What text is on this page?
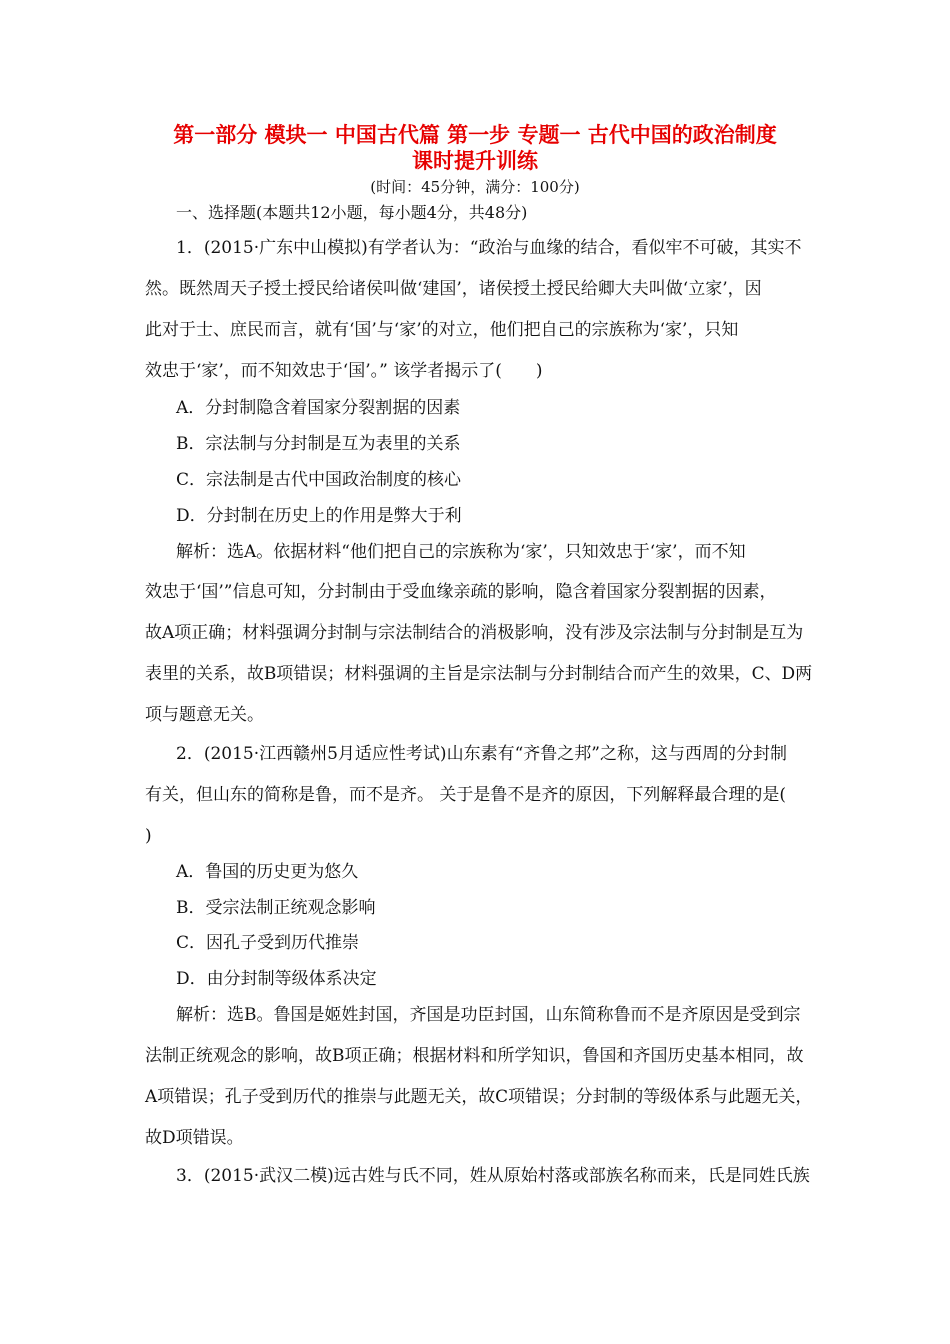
第一部分 模块一 中国古代篇 第一步 专题一 古代中国的政治制度
课时提升训练
(时间：45分钟，满分：100分)
一、选择题(本题共12小题，每小题4分，共48分)
1．(2015·广东中山模拟)有学者认为：“政治与血缘的结合，看似牢不可破，其实不
然。既然周天子授土授民给诸侯叫做‘建国’，诸侯授土授民给卿大夫叫做‘立家’，因
此对于士、庶民而言，就有‘国’与‘家’的对立，他们把自己的宗族称为‘家’，只知
效忠于‘家’，而不知效忠于‘国’。” 该学者揭示了(　　)
A．分封制隐含着国家分裂割据的因素
B．宗法制与分封制是互为表里的关系
C．宗法制是古代中国政治制度的核心
D．分封制在历史上的作用是弊大于利
解析：选A。依据材料“他们把自己的宗族称为‘家’，只知效忠于‘家’，而不知
效忠于‘国’”信息可知，分封制由于受血缘亲疏的影响，隐含着国家分裂割据的因素，
故A项正确；材料强调分封制与宗法制结合的消极影响，没有涉及宗法制与分封制是互为
表里的关系，故B项错误；材料强调的主旨是宗法制与分封制结合而产生的效果，C、D两
项与题意无关。
2．(2015·江西赣州5月适应性考试)山东素有“齐鲁之邦”之称，这与西周的分封制
有关，但山东的简称是鲁，而不是齐。 关于是鲁不是齐的原因，下列解释最合理的是(
)
A．鲁国的历史更为悠久
B．受宗法制正统观念影响
C．因孔子受到历代推崇
D．由分封制等级体系决定
解析：选B。鲁国是姬姓封国，齐国是功臣封国，山东简称鲁而不是齐原因是受到宗
法制正统观念的影响，故B项正确；根据材料和所学知识，鲁国和齐国历史基本相同，故
A项错误；孔子受到历代的推崇与此题无关，故C项错误；分封制的等级体系与此题无关，
故D项错误。
3．(2015·武汉二模)远古姓与氏不同，姓从原始村落或部族名称而来，氏是同姓氏族
